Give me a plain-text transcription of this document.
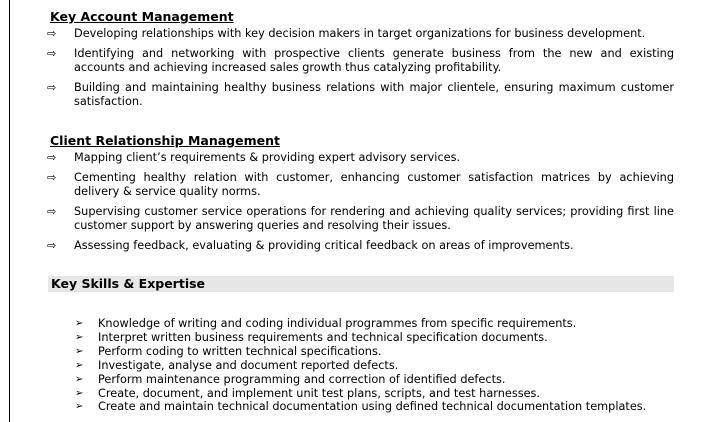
Key Account Management
⇨ Developing relationships with key decision makers in target organizations for business development.
⇨ Identifying and networking with prospective clients generate business from the new and existing accounts and achieving increased sales growth thus catalyzing profitability.
⇨ Building and maintaining healthy business relations with major clientele, ensuring maximum customer satisfaction.
Client Relationship Management
⇨ Mapping client’s requirements & providing expert advisory services.
⇨ Cementing healthy relation with customer, enhancing customer satisfaction matrices by achieving delivery & service quality norms.
⇨ Supervising customer service operations for rendering and achieving quality services; providing first line customer support by answering queries and resolving their issues.
⇨ Assessing feedback, evaluating & providing critical feedback on areas of improvements.
Key Skills & Expertise
➢ Knowledge of writing and coding individual programmes from specific requirements.
➢ Interpret written business requirements and technical specification documents.
➢ Perform coding to written technical specifications.
➢ Investigate, analyse and document reported defects.
➢ Perform maintenance programming and correction of identified defects.
➢ Create, document, and implement unit test plans, scripts, and test harnesses.
➢ Create and maintain technical documentation using defined technical documentation templates.
